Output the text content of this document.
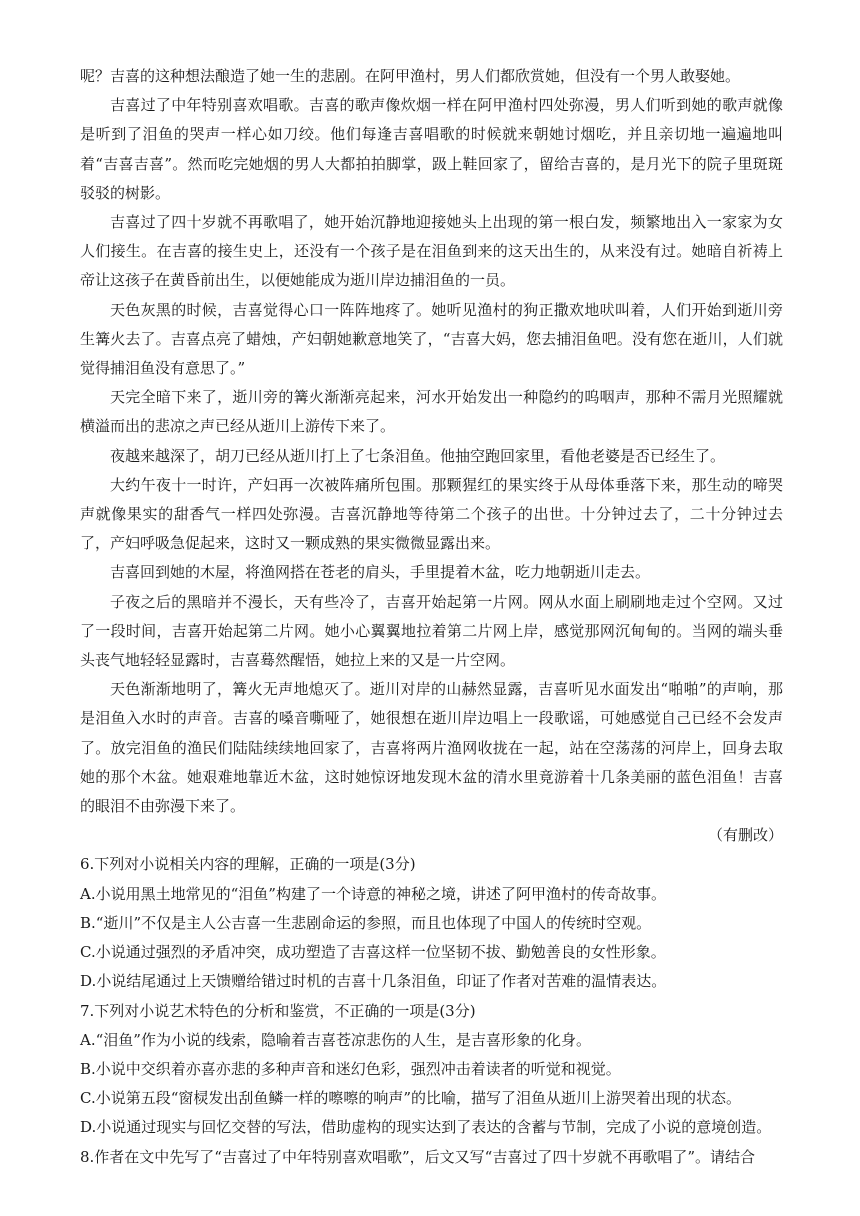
呢？吉喜的这种想法酿造了她一生的悲剧。在阿甲渔村，男人们都欣赏她，但没有一个男人敢娶她。

吉喜过了中年特别喜欢唱歌。吉喜的歌声像炊烟一样在阿甲渔村四处弥漫，男人们听到她的歌声就像是听到了泪鱼的哭声一样心如刀绞。他们每逢吉喜唱歌的时候就来朝她讨烟吃，并且亲切地一遍遍地叫着“吉喜吉喜”。然而吃完她烟的男人大都拍拍脚掌，趿上鞋回家了，留给吉喜的，是月光下的院子里斑斑驳驳的树影。

吉喜过了四十岁就不再歌唱了，她开始沉静地迎接她头上出现的第一根白发，频繁地出入一家家为女人们接生。在吉喜的接生史上，还没有一个孩子是在泪鱼到来的这天出生的，从来没有过。她暗自祈祷上帝让这孩子在黄昏前出生，以便她能成为逝川岸边捕泪鱼的一员。

天色灰黑的时候，吉喜觉得心口一阵阵地疼了。她听见渔村的狗正撒欢地吠叫着，人们开始到逝川旁生篝火去了。吉喜点亮了蜡烛，产妇朝她歉意地笑了，“吉喜大妈，您去捕泪鱼吧。没有您在逝川，人们就觉得捕泪鱼没有意思了。”

天完全暗下来了，逝川旁的篝火渐渐亮起来，河水开始发出一种隐约的呜咽声，那种不需月光照耀就横溢而出的悲凉之声已经从逝川上游传下来了。

夜越来越深了，胡刀已经从逝川打上了七条泪鱼。他抽空跑回家里，看他老婆是否已经生了。

大约午夜十一时许，产妇再一次被阵痛所包围。那颗猩红的果实终于从母体垂落下来，那生动的啼哭声就像果实的甜香气一样四处弥漫。吉喜沉静地等待第二个孩子的出世。十分钟过去了，二十分钟过去了，产妇呼吸急促起来，这时又一颗成熟的果实微微显露出来。

吉喜回到她的木屋，将渔网搭在苍老的肩头，手里提着木盆，吃力地朝逝川走去。

子夜之后的黑暗并不漫长，天有些冷了，吉喜开始起第一片网。网从水面上刷刷地走过个空网。又过了一段时间，吉喜开始起第二片网。她小心翼翼地拉着第二片网上岸，感觉那网沉甸甸的。当网的端头垂头丧气地轻轻显露时，吉喜蓦然醒悟，她拉上来的又是一片空网。

天色渐渐地明了，篝火无声地熄灭了。逝川对岸的山赫然显露，吉喜听见水面发出“啪啪”的声响，那是泪鱼入水时的声音。吉喜的嗓音嘶哑了，她很想在逝川岸边唱上一段歌谣，可她感觉自己已经不会发声了。放完泪鱼的渔民们陆陆续续地回家了，吉喜将两片渔网收拢在一起，站在空荡荡的河岸上，回身去取她的那个木盆。她艰难地靠近木盆，这时她惊讶地发现木盆的清水里竟游着十几条美丽的蓝色泪鱼！吉喜的眼泪不由弥漫下来了。

（有删改）

6.下列对小说相关内容的理解，正确的一项是(3分)

A.小说用黑土地常见的“泪鱼”构建了一个诗意的神秘之境，讲述了阿甲渔村的传奇故事。

B.“逝川”不仅是主人公吉喜一生悲剧命运的参照，而且也体现了中国人的传统时空观。

C.小说通过强烈的矛盾冲突，成功塑造了吉喜这样一位坚韧不拔、勤勉善良的女性形象。

D.小说结尾通过上天馈赠给错过时机的吉喜十几条泪鱼，印证了作者对苦难的温情表达。

7.下列对小说艺术特色的分析和鉴赏，不正确的一项是(3分)

A.“泪鱼”作为小说的线索，隐喻着吉喜苍凉悲伤的人生，是吉喜形象的化身。

B.小说中交织着亦喜亦悲的多种声音和迷幻色彩，强烈冲击着读者的听觉和视觉。

C.小说第五段“窗棂发出刮鱼鳞一样的嚓嚓的响声”的比喻，描写了泪鱼从逝川上游哭着出现的状态。

D.小说通过现实与回忆交替的写法，借助虚构的现实达到了表达的含蓄与节制，完成了小说的意境创造。

8.作者在文中先写了“吉喜过了中年特别喜欢唱歌”，后文又写“吉喜过了四十岁就不再歌唱了”。请结合
